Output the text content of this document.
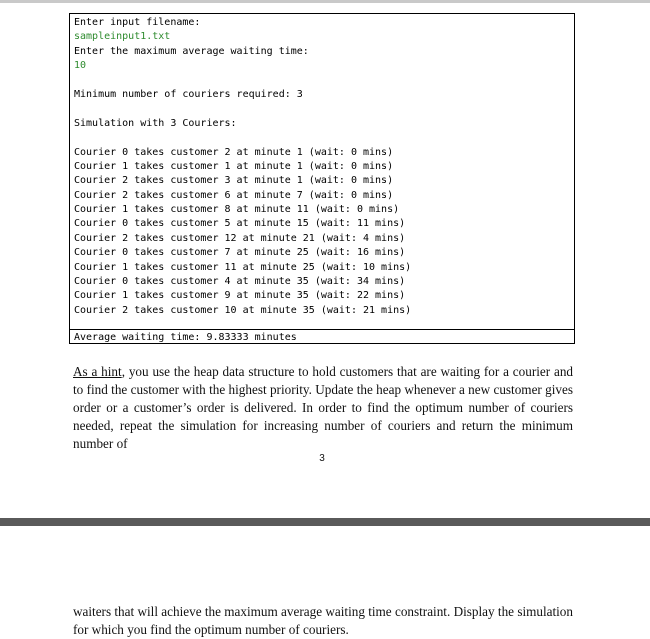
Enter input filename:
sampleinput1.txt
Enter the maximum average waiting time:
10
Minimum number of couriers required: 3
Simulation with 3 Couriers:
Courier 0 takes customer 2 at minute 1 (wait: 0 mins)
Courier 1 takes customer 1 at minute 1 (wait: 0 mins)
Courier 2 takes customer 3 at minute 1 (wait: 0 mins)
Courier 2 takes customer 6 at minute 7 (wait: 0 mins)
Courier 1 takes customer 8 at minute 11 (wait: 0 mins)
Courier 0 takes customer 5 at minute 15 (wait: 11 mins)
Courier 2 takes customer 12 at minute 21 (wait: 4 mins)
Courier 0 takes customer 7 at minute 25 (wait: 16 mins)
Courier 1 takes customer 11 at minute 25 (wait: 10 mins)
Courier 0 takes customer 4 at minute 35 (wait: 34 mins)
Courier 1 takes customer 9 at minute 35 (wait: 22 mins)
Courier 2 takes customer 10 at minute 35 (wait: 21 mins)
Average waiting time: 9.83333 minutes
As a hint, you use the heap data structure to hold customers that are waiting for a courier and to find the customer with the highest priority. Update the heap whenever a new customer gives order or a customer’s order is delivered. In order to find the optimum number of couriers needed, repeat the simulation for increasing number of couriers and return the minimum number of
3
waiters that will achieve the maximum average waiting time constraint. Display the simulation for which you find the optimum number of couriers.
